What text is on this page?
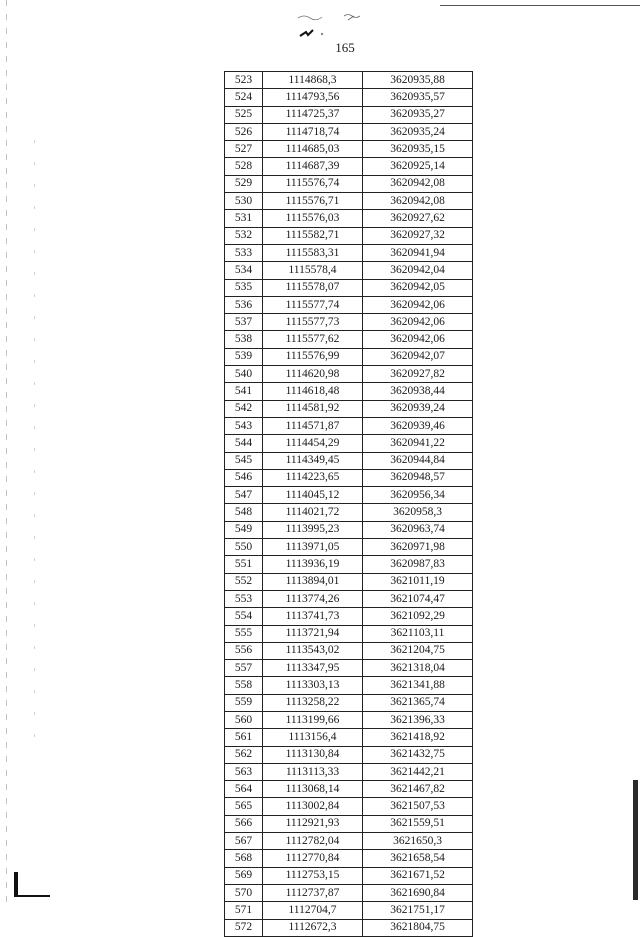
165
523	1114868,3	3620935,88
524	1114793,56	3620935,57
525	1114725,37	3620935,27
526	1114718,74	3620935,24
527	1114685,03	3620935,15
528	1114687,39	3620925,14
529	1115576,74	3620942,08
530	1115576,71	3620942,08
531	1115576,03	3620927,62
532	1115582,71	3620927,32
533	1115583,31	3620941,94
534	1115578,4	3620942,04
535	1115578,07	3620942,05
536	1115577,74	3620942,06
537	1115577,73	3620942,06
538	1115577,62	3620942,06
539	1115576,99	3620942,07
540	1114620,98	3620927,82
541	1114618,48	3620938,44
542	1114581,92	3620939,24
543	1114571,87	3620939,46
544	1114454,29	3620941,22
545	1114349,45	3620944,84
546	1114223,65	3620948,57
547	1114045,12	3620956,34
548	1114021,72	3620958,3
549	1113995,23	3620963,74
550	1113971,05	3620971,98
551	1113936,19	3620987,83
552	1113894,01	3621011,19
553	1113774,26	3621074,47
554	1113741,73	3621092,29
555	1113721,94	3621103,11
556	1113543,02	3621204,75
557	1113347,95	3621318,04
558	1113303,13	3621341,88
559	1113258,22	3621365,74
560	1113199,66	3621396,33
561	1113156,4	3621418,92
562	1113130,84	3621432,75
563	1113113,33	3621442,21
564	1113068,14	3621467,82
565	1113002,84	3621507,53
566	1112921,93	3621559,51
567	1112782,04	3621650,3
568	1112770,84	3621658,54
569	1112753,15	3621671,52
570	1112737,87	3621690,84
571	1112704,7	3621751,17
572	1112672,3	3621804,75
